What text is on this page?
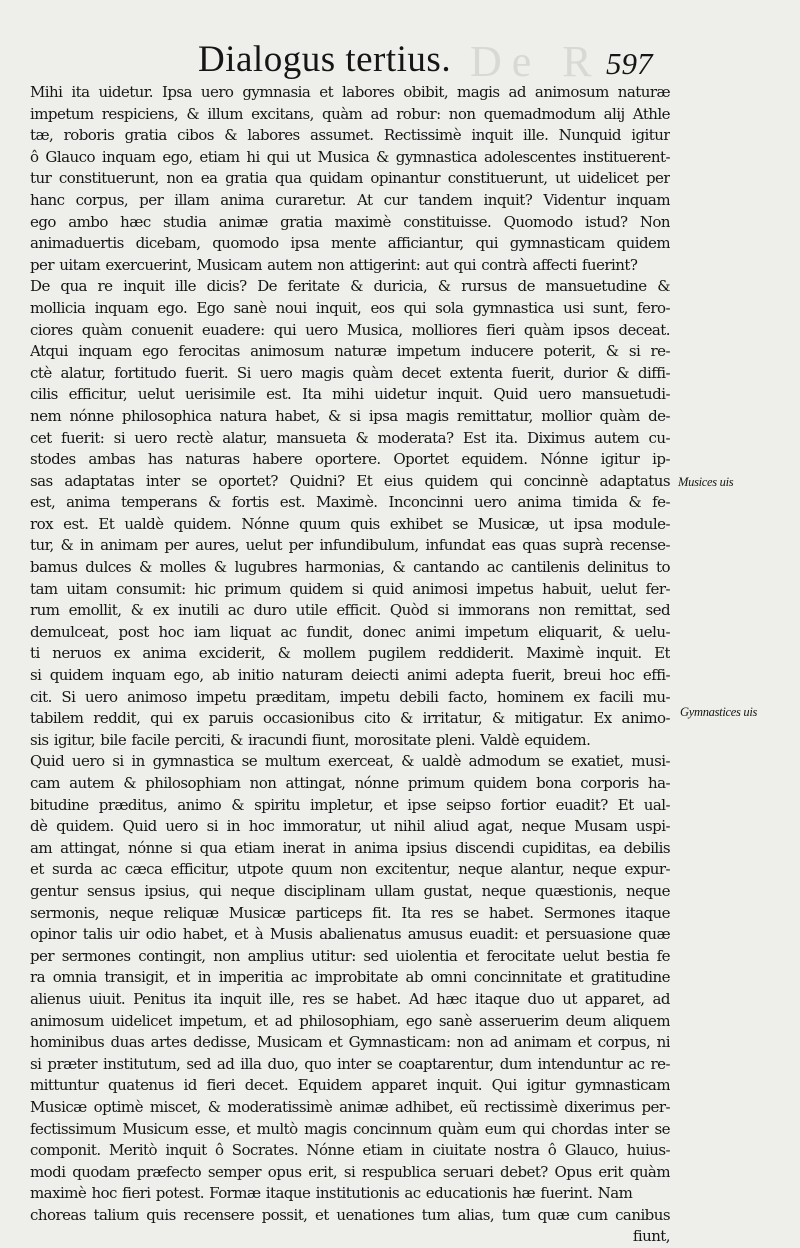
De R
Dialogus tertius.	597
Mihi ita uidetur. Ipsa uero gymnasia et labores obibit, magis ad animosum naturæ
impetum respiciens, & illum excitans, quàm ad robur: non quemadmodum alij Athle
tæ, roboris gratia cibos & labores assumet. Rectissimè inquit ille. Nunquid igitur
ô Glauco inquam ego, etiam hi qui ut Musica & gymnastica adolescentes instituerent-
tur constituerunt, non ea gratia qua quidam opinantur constituerunt, ut uidelicet per
hanc corpus, per illam anima curaretur. At cur tandem inquit? Videntur inquam
ego ambo hæc studia animæ gratia maximè constituisse. Quomodo istud? Non
animaduertis dicebam, quomodo ipsa mente afficiantur, qui gymnasticam quidem
per uitam exercuerint, Musicam autem non attigerint: aut qui contrà affecti fuerint?
De qua re inquit ille dicis? De feritate & duricia, & rursus de mansuetudine &
mollicia inquam ego. Ego sanè noui inquit, eos qui sola gymnastica usi sunt, fero-
ciores quàm conuenit euadere: qui uero Musica, molliores fieri quàm ipsos deceat.
Atqui inquam ego ferocitas animosum naturæ impetum inducere poterit, & si re-
ctè alatur, fortitudo fuerit. Si uero magis quàm decet extenta fuerit, durior & diffi-
cilis efficitur, uelut uerisimile est. Ita mihi uidetur inquit. Quid uero mansuetudi-
nem nónne philosophica natura habet, & si ipsa magis remittatur, mollior quàm de-
cet fuerit: si uero rectè alatur, mansueta & moderata? Est ita. Diximus autem cu-
stodes ambas has naturas habere oportere. Oportet equidem. Nónne igitur ip-
sas adaptatas inter se oportet? Quidni? Et eius quidem qui concinnè adaptatus
est, anima temperans & fortis est. Maximè. Inconcinni uero anima timida & fe-
rox est. Et ualdè quidem. Nónne quum quis exhibet se Musicæ, ut ipsa module-
tur, & in animam per aures, uelut per infundibulum, infundat eas quas suprà recense-
bamus dulces & molles & lugubres harmonias, & cantando ac cantilenis delinitus to
tam uitam consumit: hic primum quidem si quid animosi impetus habuit, uelut fer-
rum emollit, & ex inutili ac duro utile efficit. Quòd si immorans non remittat, sed
demulceat, post hoc iam liquat ac fundit, donec animi impetum eliquarit, & uelu-
ti neruos ex anima exciderit, & mollem pugilem reddiderit. Maximè inquit. Et
si quidem inquam ego, ab initio naturam deiecti animi adepta fuerit, breui hoc effi-
cit. Si uero animoso impetu præditam, impetu debili facto, hominem ex facili mu-
tabilem reddit, qui ex paruis occasionibus cito & irritatur, & mitigatur. Ex animo-
sis igitur, bile facile perciti, & iracundi fiunt, morositate pleni. Valdè equidem.
Quid uero si in gymnastica se multum exerceat, & ualdè admodum se exatiet, musi-
cam autem & philosophiam non attingat, nónne primum quidem bona corporis ha-
bitudine præditus, animo & spiritu impletur, et ipse seipso fortior euadit? Et ual-
dè quidem. Quid uero si in hoc immoratur, ut nihil aliud agat, neque Musam uspi-
am attingat, nónne si qua etiam inerat in anima ipsius discendi cupiditas, ea debilis
et surda ac cæca efficitur, utpote quum non excitentur, neque alantur, neque expur-
gentur sensus ipsius, qui neque disciplinam ullam gustat, neque quæstionis, neque
sermonis, neque reliquæ Musicæ particeps fit. Ita res se habet. Sermones itaque
opinor talis uir odio habet, et à Musis abalienatus amusus euadit: et persuasione quæ
per sermones contingit, non amplius utitur: sed uiolentia et ferocitate uelut bestia fe
ra omnia transigit, et in imperitia ac improbitate ab omni concinnitate et gratitudine
alienus uiuit. Penitus ita inquit ille, res se habet. Ad hæc itaque duo ut apparet, ad
animosum uidelicet impetum, et ad philosophiam, ego sanè asseruerim deum aliquem
hominibus duas artes dedisse, Musicam et Gymnasticam: non ad animam et corpus, ni
si præter institutum, sed ad illa duo, quo inter se coaptarentur, dum intenduntur ac re-
mittuntur quatenus id fieri decet. Equidem apparet inquit. Qui igitur gymnasticam
Musicæ optimè miscet, & moderatissimè animæ adhibet, eũ rectissimè dixerimus per-
fectissimum Musicum esse, et multò magis concinnum quàm eum qui chordas inter se
componit. Meritò inquit ô Socrates. Nónne etiam in ciuitate nostra ô Glauco, huius-
modi quodam præfecto semper opus erit, si respublica seruari debet? Opus erit quàm
maximè hoc fieri potest. Formæ itaque institutionis ac educationis hæ fuerint. Nam
choreas talium quis recensere possit, et uenationes tum alias, tum quæ cum canibus
fiunt,
Musices uis
Gymnastices uis
